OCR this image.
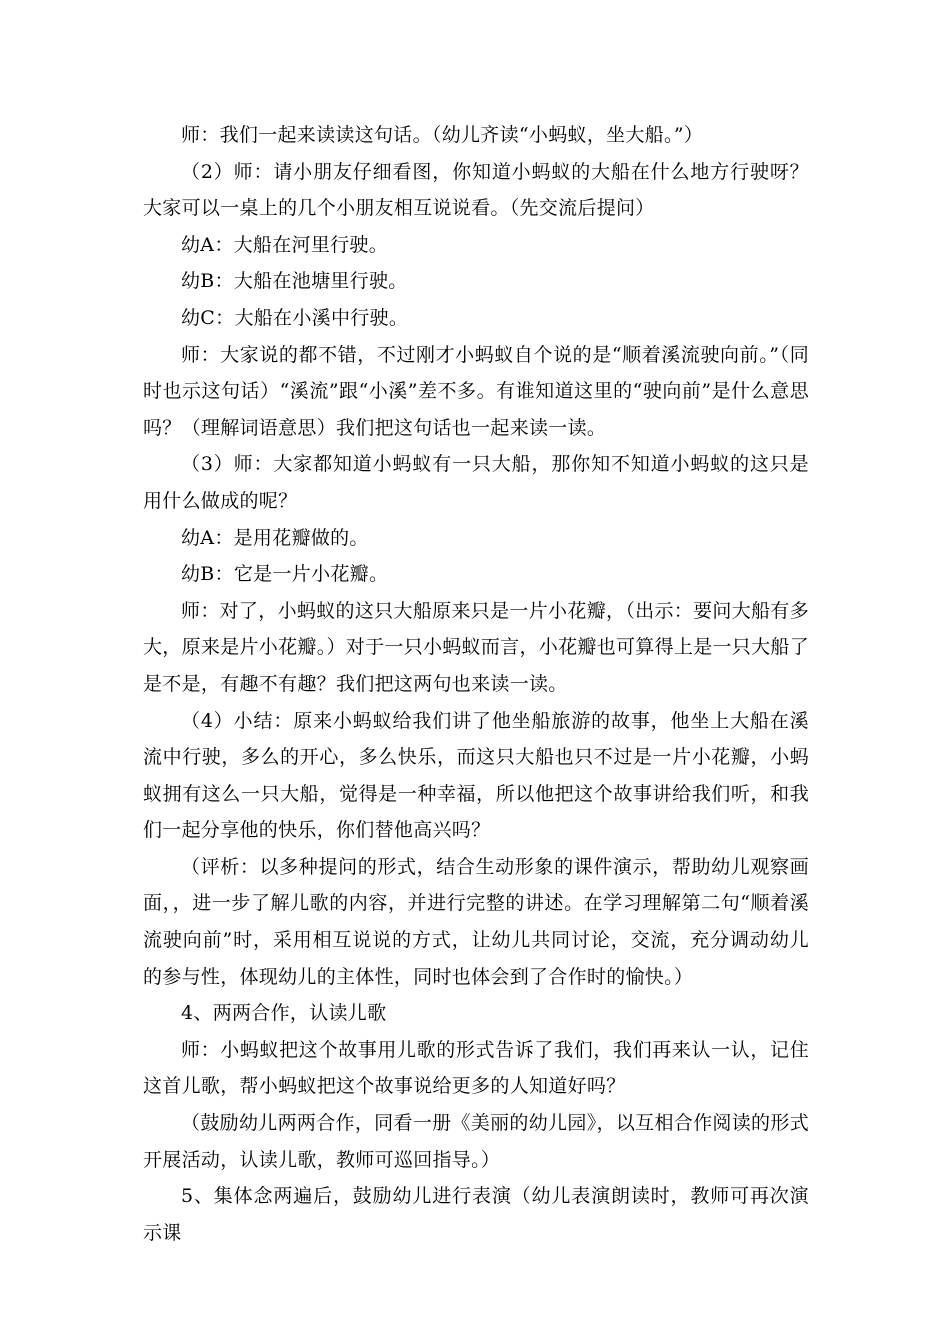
师：我们一起来读读这句话。（幼儿齐读“小蚂蚁，坐大船。”）

（2）师：请小朋友仔细看图，你知道小蚂蚁的大船在什么地方行驶呀？大家可以一桌上的几个小朋友相互说说看。（先交流后提问）

幼A：大船在河里行驶。

幼B：大船在池塘里行驶。

幼C：大船在小溪中行驶。

师：大家说的都不错，不过刚才小蚂蚁自个说的是“顺着溪流驶向前。”（同时也示这句话）“溪流”跟“小溪”差不多。有谁知道这里的“驶向前”是什么意思吗？（理解词语意思）我们把这句话也一起来读一读。

（3）师：大家都知道小蚂蚁有一只大船，那你知不知道小蚂蚁的这只是用什么做成的呢？

幼A：是用花瓣做的。

幼B：它是一片小花瓣。

师：对了，小蚂蚁的这只大船原来只是一片小花瓣，（出示：要问大船有多大，原来是片小花瓣。）对于一只小蚂蚁而言，小花瓣也可算得上是一只大船了是不是，有趣不有趣？我们把这两句也来读一读。

（4）小结：原来小蚂蚁给我们讲了他坐船旅游的故事，他坐上大船在溪流中行驶，多么的开心，多么快乐，而这只大船也只不过是一片小花瓣，小蚂蚁拥有这么一只大船，觉得是一种幸福，所以他把这个故事讲给我们听，和我们一起分享他的快乐，你们替他高兴吗？

（评析：以多种提问的形式，结合生动形象的课件演示，帮助幼儿观察画面，，进一步了解儿歌的内容，并进行完整的讲述。在学习理解第二句“顺着溪流驶向前”时，采用相互说说的方式，让幼儿共同讨论，交流，充分调动幼儿的参与性，体现幼儿的主体性，同时也体会到了合作时的愉快。）

4、两两合作，认读儿歌

师：小蚂蚁把这个故事用儿歌的形式告诉了我们，我们再来认一认，记住这首儿歌，帮小蚂蚁把这个故事说给更多的人知道好吗？

（鼓励幼儿两两合作，同看一册《美丽的幼儿园》，以互相合作阅读的形式开展活动，认读儿歌，教师可巡回指导。）

5、集体念两遍后，鼓励幼儿进行表演（幼儿表演朗读时，教师可再次演示课
